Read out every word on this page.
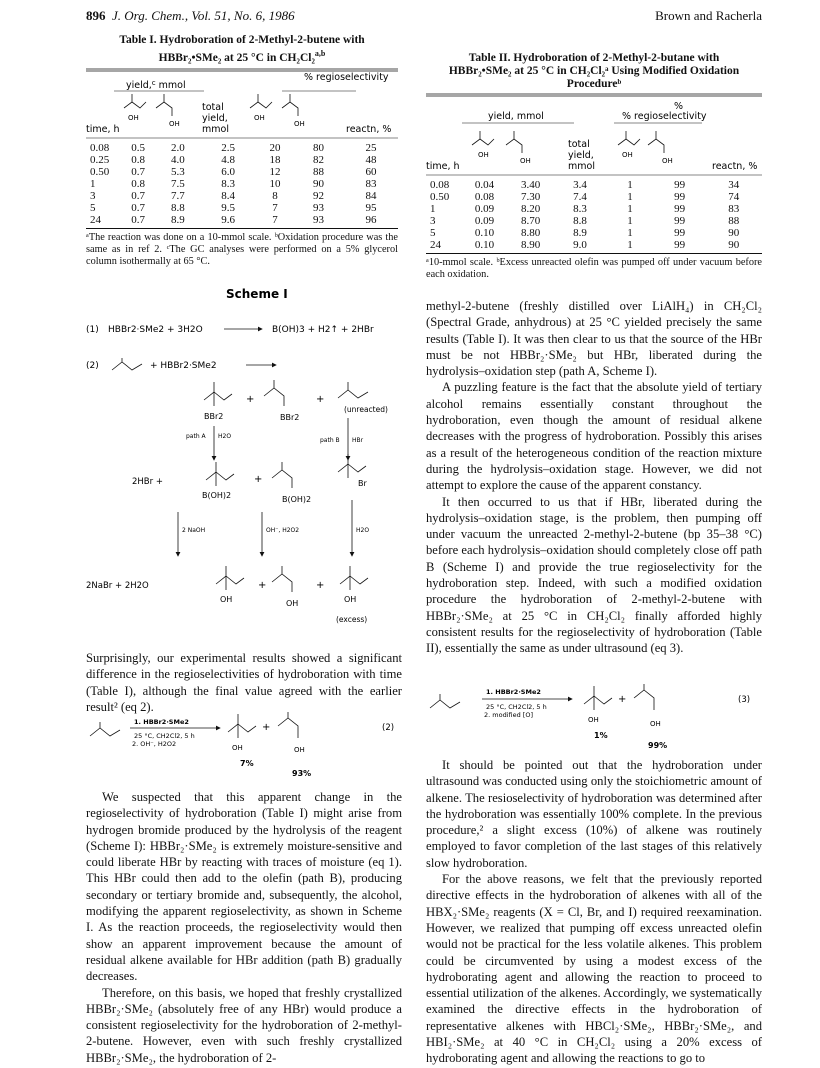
896 J. Org. Chem., Vol. 51, No. 6, 1986	Brown and Racherla
Table I. Hydroboration of 2-Methyl-2-butene with
HBBr₂•SMe₂ at 25 °C in CH₂Cl₂$^{a,b}$
yield,$^c$ mmol
% regioselectivity
OH
OH
OH
OH
time, h
total
yield,
mmol	reactn, %
0.08	0.5	2.0	2.5	20	80	25
0.25	0.8	4.0	4.8	18	82	48
0.50	0.7	5.3	6.0	12	88	60
1	0.8	7.5	8.3	10	90	83
3	0.7	7.7	8.4	8	92	84
5	0.7	8.8	9.5	7	93	95
24	0.7	8.9	9.6	7	93	96
ᵃThe reaction was done on a 10-mmol scale. ᵇOxidation procedure was the same as in ref 2. ᶜThe GC analyses were performed on a 5% glycerol column isothermally at 65 °C.
Table II. Hydroboration of 2-Methyl-2-butane with
HBBr₂•SMe₂ at 25 °C in CH₂Cl₂ᵃ Using Modified Oxidation
Procedureᵇ
%
yield, mmol	% regioselectivity
OH
OH
OH
OH
time, h
total
yield,
mmol	reactn, %
0.08	0.04	3.40	3.4	1	99	34
0.50	0.08	7.30	7.4	1	99	74
1	0.09	8.20	8.3	1	99	83
3	0.09	8.70	8.8	1	99	88
5	0.10	8.80	8.9	1	99	90
24	0.10	8.90	9.0	1	99	90
ᵃ10-mmol scale. ᵇExcess unreacted olefin was pumped off under vacuum before each oxidation.
Scheme I
(1) HBBr2·SMe2 + 3H2O	B(OH)3 + H2↑ + 2HBr
(2)	+ HBBr2·SMe2
BBr2
+
BBr2
+
(unreacted)
path A H2O
path B HBr
2HBr +
B(OH)2
+
B(OH)2
Br
2 NaOH	OH⁻, H2O2	H2O
2NaBr + 2H2O
OH
+
OH
+
OH
(excess)

Surprisingly, our experimental results showed a significant difference in the regioselectivities of hydroboration with time (Table I), although the final value agreed with the earlier result² (eq 2).

1. HBBr2·SMe2
25 °C, CH2Cl2, 5 h
2. OH⁻, H2O2	OH
+
OH
7%
93%
(2)

We suspected that this apparent change in the regioselectivity of hydroboration (Table I) might arise from hydrogen bromide produced by the hydrolysis of the reagent (Scheme I): HBBr₂·SMe₂ is extremely moisture-sensitive and could liberate HBr by reacting with traces of moisture (eq 1). This HBr could then add to the olefin (path B), producing secondary or tertiary bromide and, subsequently, the alcohol, modifying the apparent regioselectivity, as shown in Scheme I. As the reaction proceeds, the regioselectivity would then show an apparent improvement because the amount of residual alkene available for HBr addition (path B) gradually decreases.

Therefore, on this basis, we hoped that freshly crystallized HBBr₂·SMe₂ (absolutely free of any HBr) would produce a consistent regioselectivity for the hydroboration of 2-methyl-2-butene. However, even with such freshly crystallized HBBr₂·SMe₂, the hydroboration of 2-

methyl-2-butene (freshly distilled over LiAlH₄) in CH₂Cl₂ (Spectral Grade, anhydrous) at 25 °C yielded precisely the same results (Table I). It was then clear to us that the source of the HBr must be not HBBr₂·SMe₂ but HBr, liberated during the hydrolysis–oxidation step (path A, Scheme I).

A puzzling feature is the fact that the absolute yield of tertiary alcohol remains essentially constant throughout the hydroboration, even though the amount of residual alkene decreases with the progress of hydroboration. Possibly this arises as a result of the heterogeneous condition of the reaction mixture during the hydrolysis–oxidation stage. However, we did not attempt to explore the cause of the apparent constancy.

It then occurred to us that if HBr, liberated during the hydrolysis–oxidation stage, is the problem, then pumping off under vacuum the unreacted 2-methyl-2-butene (bp 35–38 °C) before each hydrolysis–oxidation should completely close off path B (Scheme I) and provide the true regioselectivity for the hydroboration step. Indeed, with such a modified oxidation procedure the hydroboration of 2-methyl-2-butene with HBBr₂·SMe₂ at 25 °C in CH₂Cl₂ finally afforded highly consistent results for the regioselectivity of hydroboration (Table II), essentially the same as under ultrasound (eq 3).

1. HBBr2·SMe2
25 °C, CH2Cl2, 5 h
2. modified [O]
OH
+
OH
1%
99%
(3)

It should be pointed out that the hydroboration under ultrasound was conducted using only the stoichiometric amount of alkene. The resioselectivity of hydroboration was determined after the hydroboration was essentially 100% complete. In the previous procedure,² a slight excess (10%) of alkene was routinely employed to favor completion of the last stages of this relatively slow hydroboration.

For the above reasons, we felt that the previously reported directive effects in the hydroboration of alkenes with all of the HBX₂·SMe₂ reagents (X = Cl, Br, and I) required reexamination. However, we realized that pumping off excess unreacted olefin would not be practical for the less volatile alkenes. This problem could be circumvented by using a modest excess of the hydroborating agent and allowing the reaction to proceed to essential utilization of the alkenes. Accordingly, we systematically examined the directive effects in the hydroboration of representative alkenes with HBCl₂·SMe₂, HBBr₂·SMe₂, and HBI₂·SMe₂ at 40 °C in CH₂Cl₂ using a 20% excess of hydroborating agent and allowing the reactions to go to
